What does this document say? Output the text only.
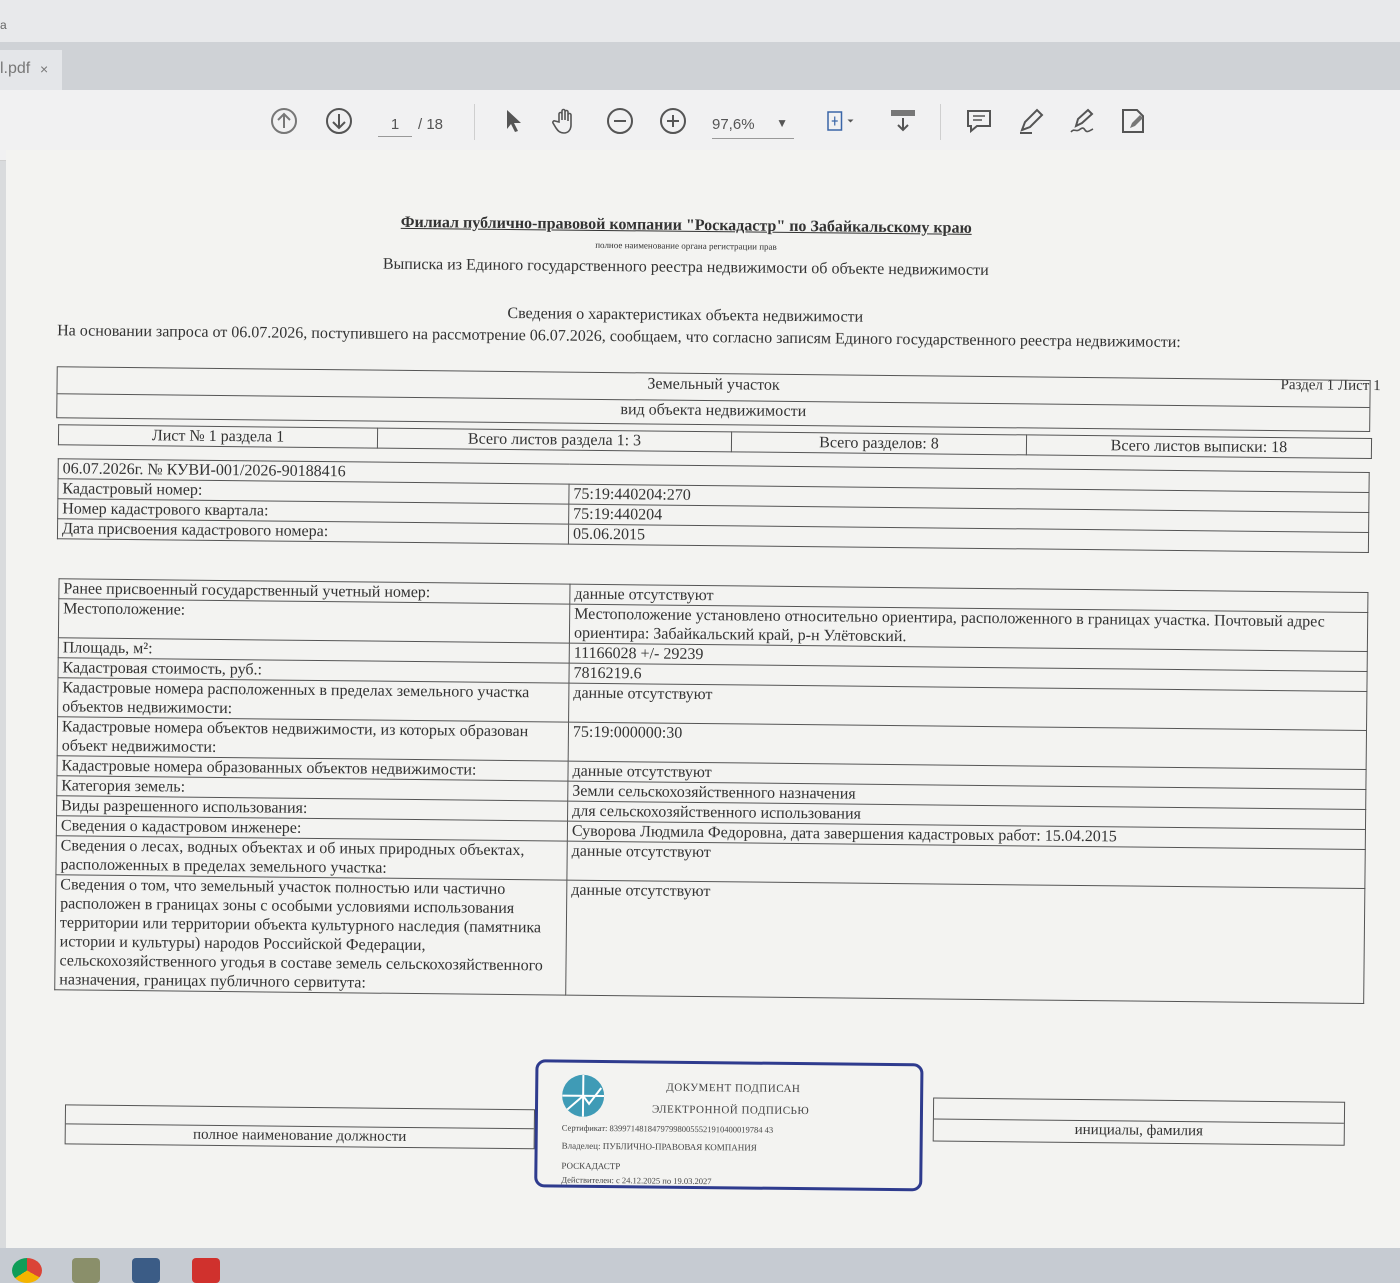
а
l.pdf ×
1	/ 18	97,6% ▼
Филиал публично-правовой компании "Роскадастр" по Забайкальскому краю
полное наименование органа регистрации прав
Выписка из Единого государственного реестра недвижимости об объекте недвижимости
Сведения о характеристиках объекта недвижимости
На основании запроса от 06.07.2026, поступившего на рассмотрение 06.07.2026, сообщаем, что согласно записям Единого государственного реестра недвижимости:
Раздел 1 Лист 1
Земельный участок
вид объекта недвижимости
Лист № 1 раздела 1	Всего листов раздела 1: 3	Всего разделов: 8	Всего листов выписки: 18
06.07.2026г. № КУВИ-001/2026-90188416	
Кадастровый номер:	75:19:440204:270
Номер кадастрового квартала:	75:19:440204
Дата присвоения кадастрового номера:	05.06.2015
Ранее присвоенный государственный учетный номер:	данные отсутствуют
Местоположение:	Местоположение установлено относительно ориентира, расположенного в границах участка. Почтовый адрес ориентира: Забайкальский край, р-н Улётовский.
Площадь, м²:	11166028 +/- 29239
Кадастровая стоимость, руб.:	7816219.6
Кадастровые номера расположенных в пределах земельного участка объектов недвижимости:	данные отсутствуют
Кадастровые номера объектов недвижимости, из которых образован объект недвижимости:	75:19:000000:30
Кадастровые номера образованных объектов недвижимости:	данные отсутствуют
Категория земель:	Земли сельскохозяйственного назначения
Виды разрешенного использования:	для сельскохозяйственного использования
Сведения о кадастровом инженере:	Суворова Людмила Федоровна, дата завершения кадастровых работ: 15.04.2015
Сведения о лесах, водных объектах и об иных природных объектах, расположенных в пределах земельного участка:	данные отсутствуют
Сведения о том, что земельный участок полностью или частично расположен в границах зоны с особыми условиями использования территории или территории объекта культурного наследия (памятника истории и культуры) народов Российской Федерации, сельскохозяйственного угодья в составе земель сельскохозяйственного назначения, границах публичного сервитута:	данные отсутствуют
полное наименование должности	инициалы, фамилия
ДОКУМЕНТ ПОДПИСАН
ЭЛЕКТРОННОЙ ПОДПИСЬЮ
Сертификат: 839971481847979980055521910400019784 43
Владелец: ПУБЛИЧНО-ПРАВОВАЯ КОМПАНИЯ
РОСКАДАСТР
Действителен: с 24.12.2025 по 19.03.2027
